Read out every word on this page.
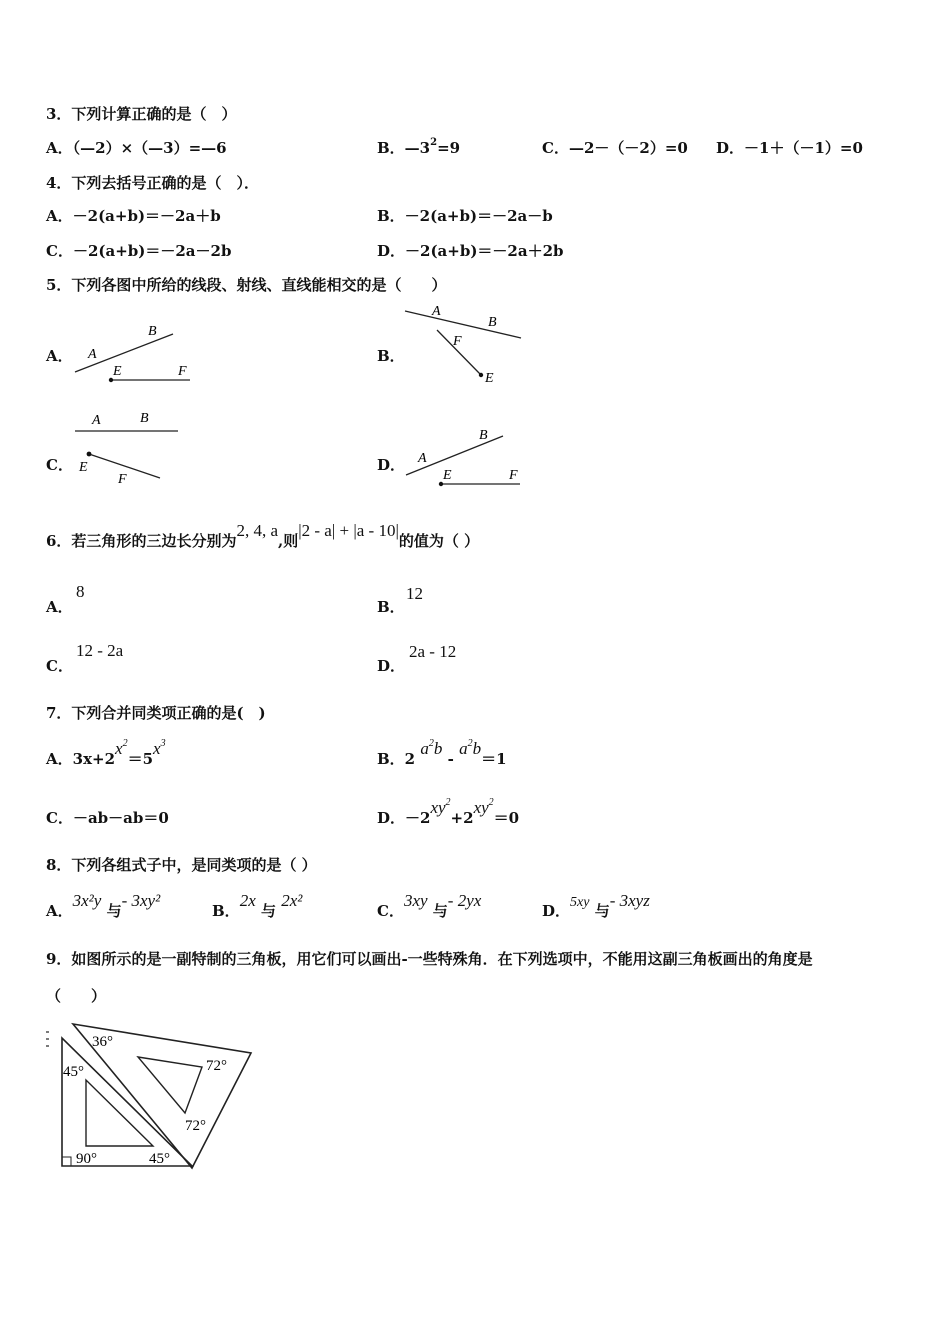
3．下列计算正确的是（　）
A．（—2）×（—3）=—6	B．$—3^2=9$	C．—2－（－2）=0 D．－1＋（－1）=0
4．下列去括号正确的是（　）．
A．－2(a+b)＝－2a＋b	B．－2(a+b)＝－2a－b
C．－2(a+b)＝－2a－2b	D．－2(a+b)＝－2a＋2b
5．下列各图中所给的线段、射线、直线能相交的是（　　）
A．	B．
C．	D．
A
B
E	F
A
B
F
E
A	B
E
F
A
B
E	F
6．若三角形的三边长分别为2, 4, a,则|2 - a| + |a - 10|的值为（ ）
A．
8
B．
12
C．
12 - 2a
D．
2a - 12
7．下列合并同类项正确的是(　)
A．$3x+2x^2=5x^3$
B．2 $a^2b - a^2b=1$
C．－ab－ab＝0	D．$-2xy^2+2xy^2=0$
8．下列各组式子中，是同类项的是（ ）
A．3x²y 与- 3xy²
B．2x 与 2x²
C．3xy 与- 2yx
D．5xy 与- 3xyz
9．如图所示的是一副特制的三角板，用它们可以画出-一些特殊角．在下列选项中，不能用这副三角板画出的角度是
（　　）
36°
72°
72°
45°
45°
90°
